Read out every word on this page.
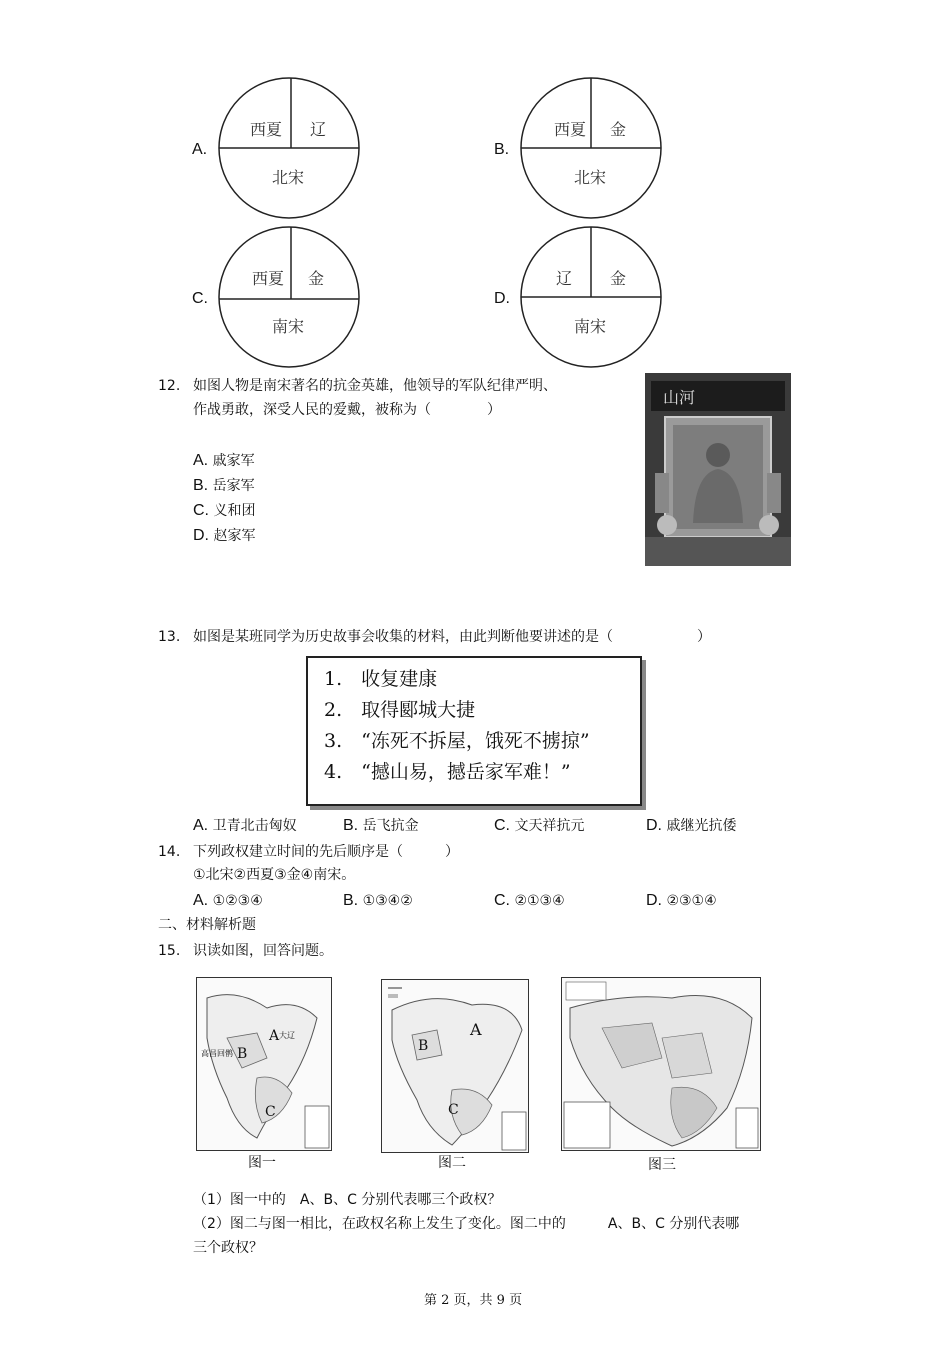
A.
西夏 辽
北宋
B.
西夏 金
北宋
C.
西夏 金
南宋
D.
辽 金
南宋
12. 如图人物是南宋著名的抗金英雄，他领导的军队纪律严明、
作战勇敢，深受人民的爱戴，被称为（　　　　）
A. 戚家军
B. 岳家军
C. 义和团
D. 赵家军
山河
13. 如图是某班同学为历史故事会收集的材料，由此判断他要讲述的是（　　　　　　）
1.　收复建康
2.　取得郾城大捷
3.　“冻死不拆屋，饿死不掳掠”
4.　“撼山易，撼岳家军难！”
A. 卫青北击匈奴	B. 岳飞抗金	C. 文天祥抗元	D. 戚继光抗倭
14. 下列政权建立时间的先后顺序是（　　　）
①北宋②西夏③金④南宋。
A. ①②③④	B. ①③④②	C. ②①③④	D. ②③①④
二、材料解析题
15. 识读如图，回答问题。
A
B
C
大辽
高昌回鹘
图一
A
B
C
图二	图三
（1）图一中的　A、B、C 分别代表哪三个政权？
（2）图二与图一相比，在政权名称上发生了变化。图二中的　　　A、B、C 分别代表哪
三个政权？
第 2 页，共 9 页
